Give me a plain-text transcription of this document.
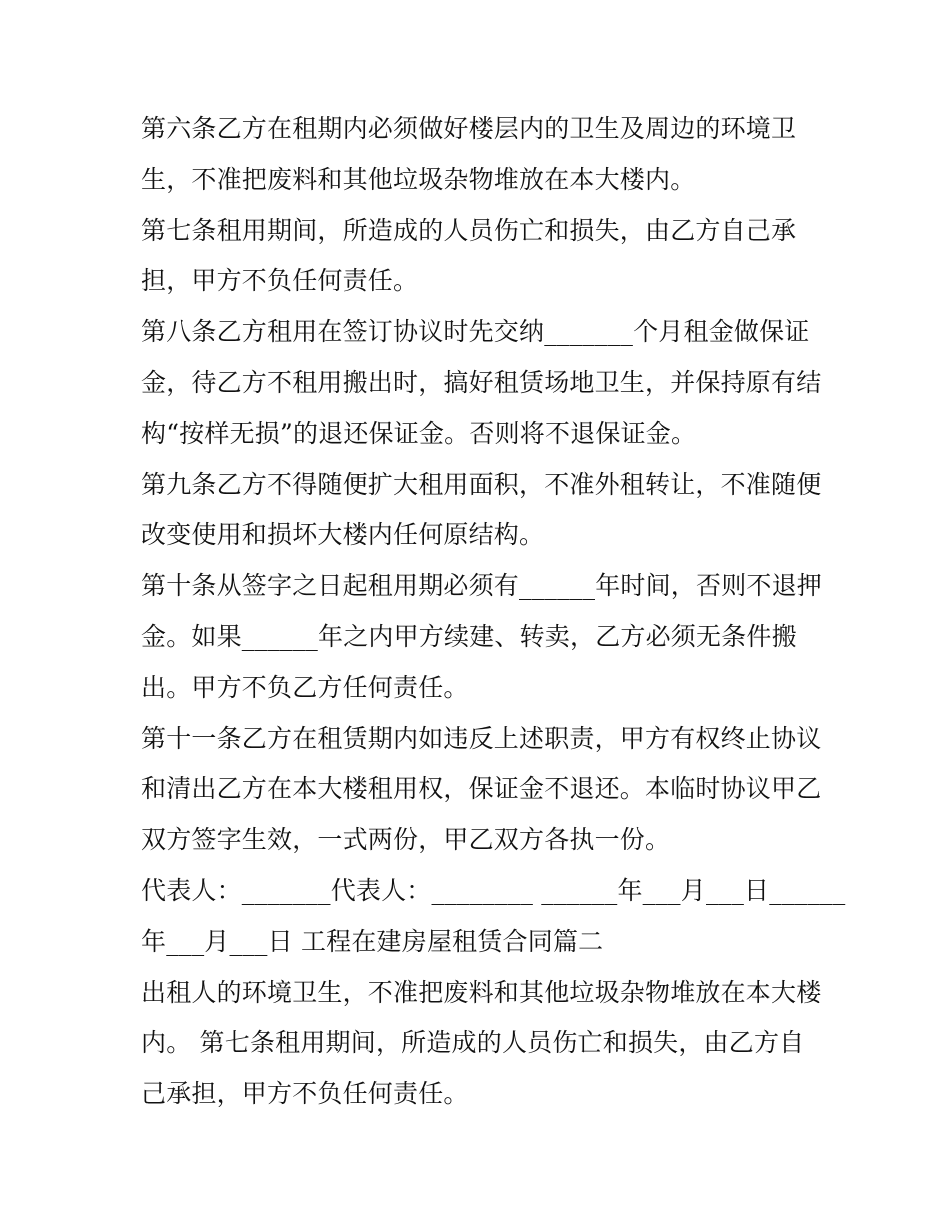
第六条乙方在租期内必须做好楼层内的卫生及周边的环境卫
生，不准把废料和其他垃圾杂物堆放在本大楼内。
第七条租用期间，所造成的人员伤亡和损失，由乙方自己承
担，甲方不负任何责任。
第八条乙方租用在签订协议时先交纳_______个月租金做保证
金，待乙方不租用搬出时，搞好租赁场地卫生，并保持原有结
构“按样无损”的退还保证金。否则将不退保证金。
第九条乙方不得随便扩大租用面积，不准外租转让，不准随便
改变使用和损坏大楼内任何原结构。
第十条从签字之日起租用期必须有______年时间，否则不退押
金。如果______年之内甲方续建、转卖，乙方必须无条件搬
出。甲方不负乙方任何责任。
第十一条乙方在租赁期内如违反上述职责，甲方有权终止协议
和清出乙方在本大楼租用权，保证金不退还。本临时协议甲乙
双方签字生效，一式两份，甲乙双方各执一份。
代表人：_______代表人：________ ______年___月___日______
年___月___日 工程在建房屋租赁合同篇二
出租人的环境卫生，不准把废料和其他垃圾杂物堆放在本大楼
内。 第七条租用期间，所造成的人员伤亡和损失，由乙方自
己承担，甲方不负任何责任。
